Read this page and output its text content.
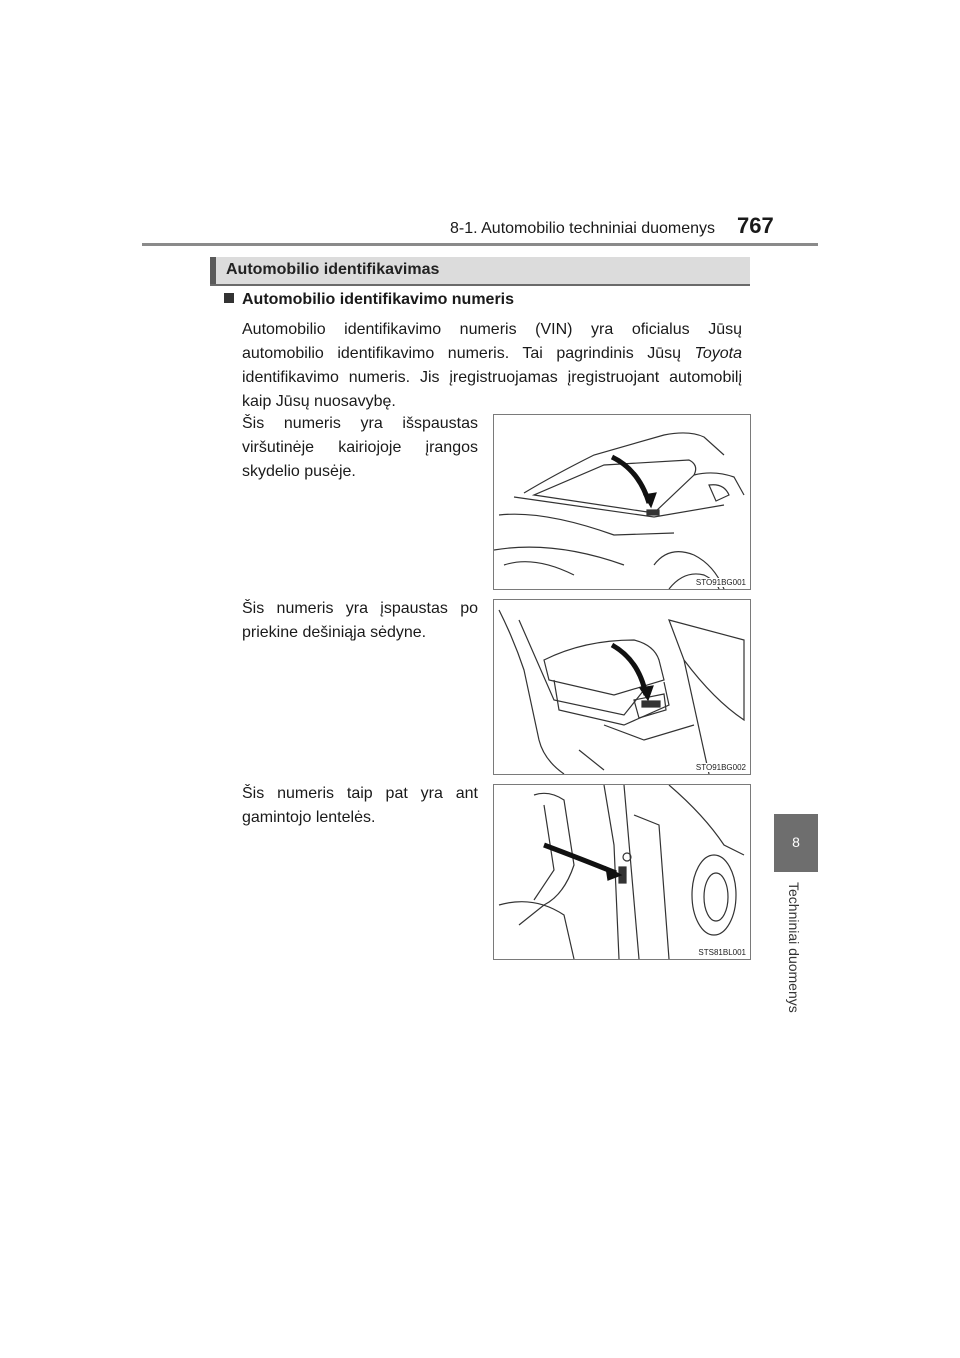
8-1. Automobilio techniniai duomenys 767
Automobilio identifikavimas
Automobilio identifikavimo numeris
Automobilio identifikavimo numeris (VIN) yra oficialus Jūsų automobilio identifikavimo numeris. Tai pagrindinis Jūsų Toyota identifikavimo numeris. Jis įregistruojamas įregistruojant automobilį kaip Jūsų nuosavybę.
Šis numeris yra išspaustas viršutinėje kairiojoje įrangos skydelio pusėje.
STO91BG001
Šis numeris yra įspaustas po priekine dešiniąja sėdyne.
STO91BG002
Šis numeris taip pat yra ant gamintojo lentelės.
STS81BL001
8
Techniniai duomenys
